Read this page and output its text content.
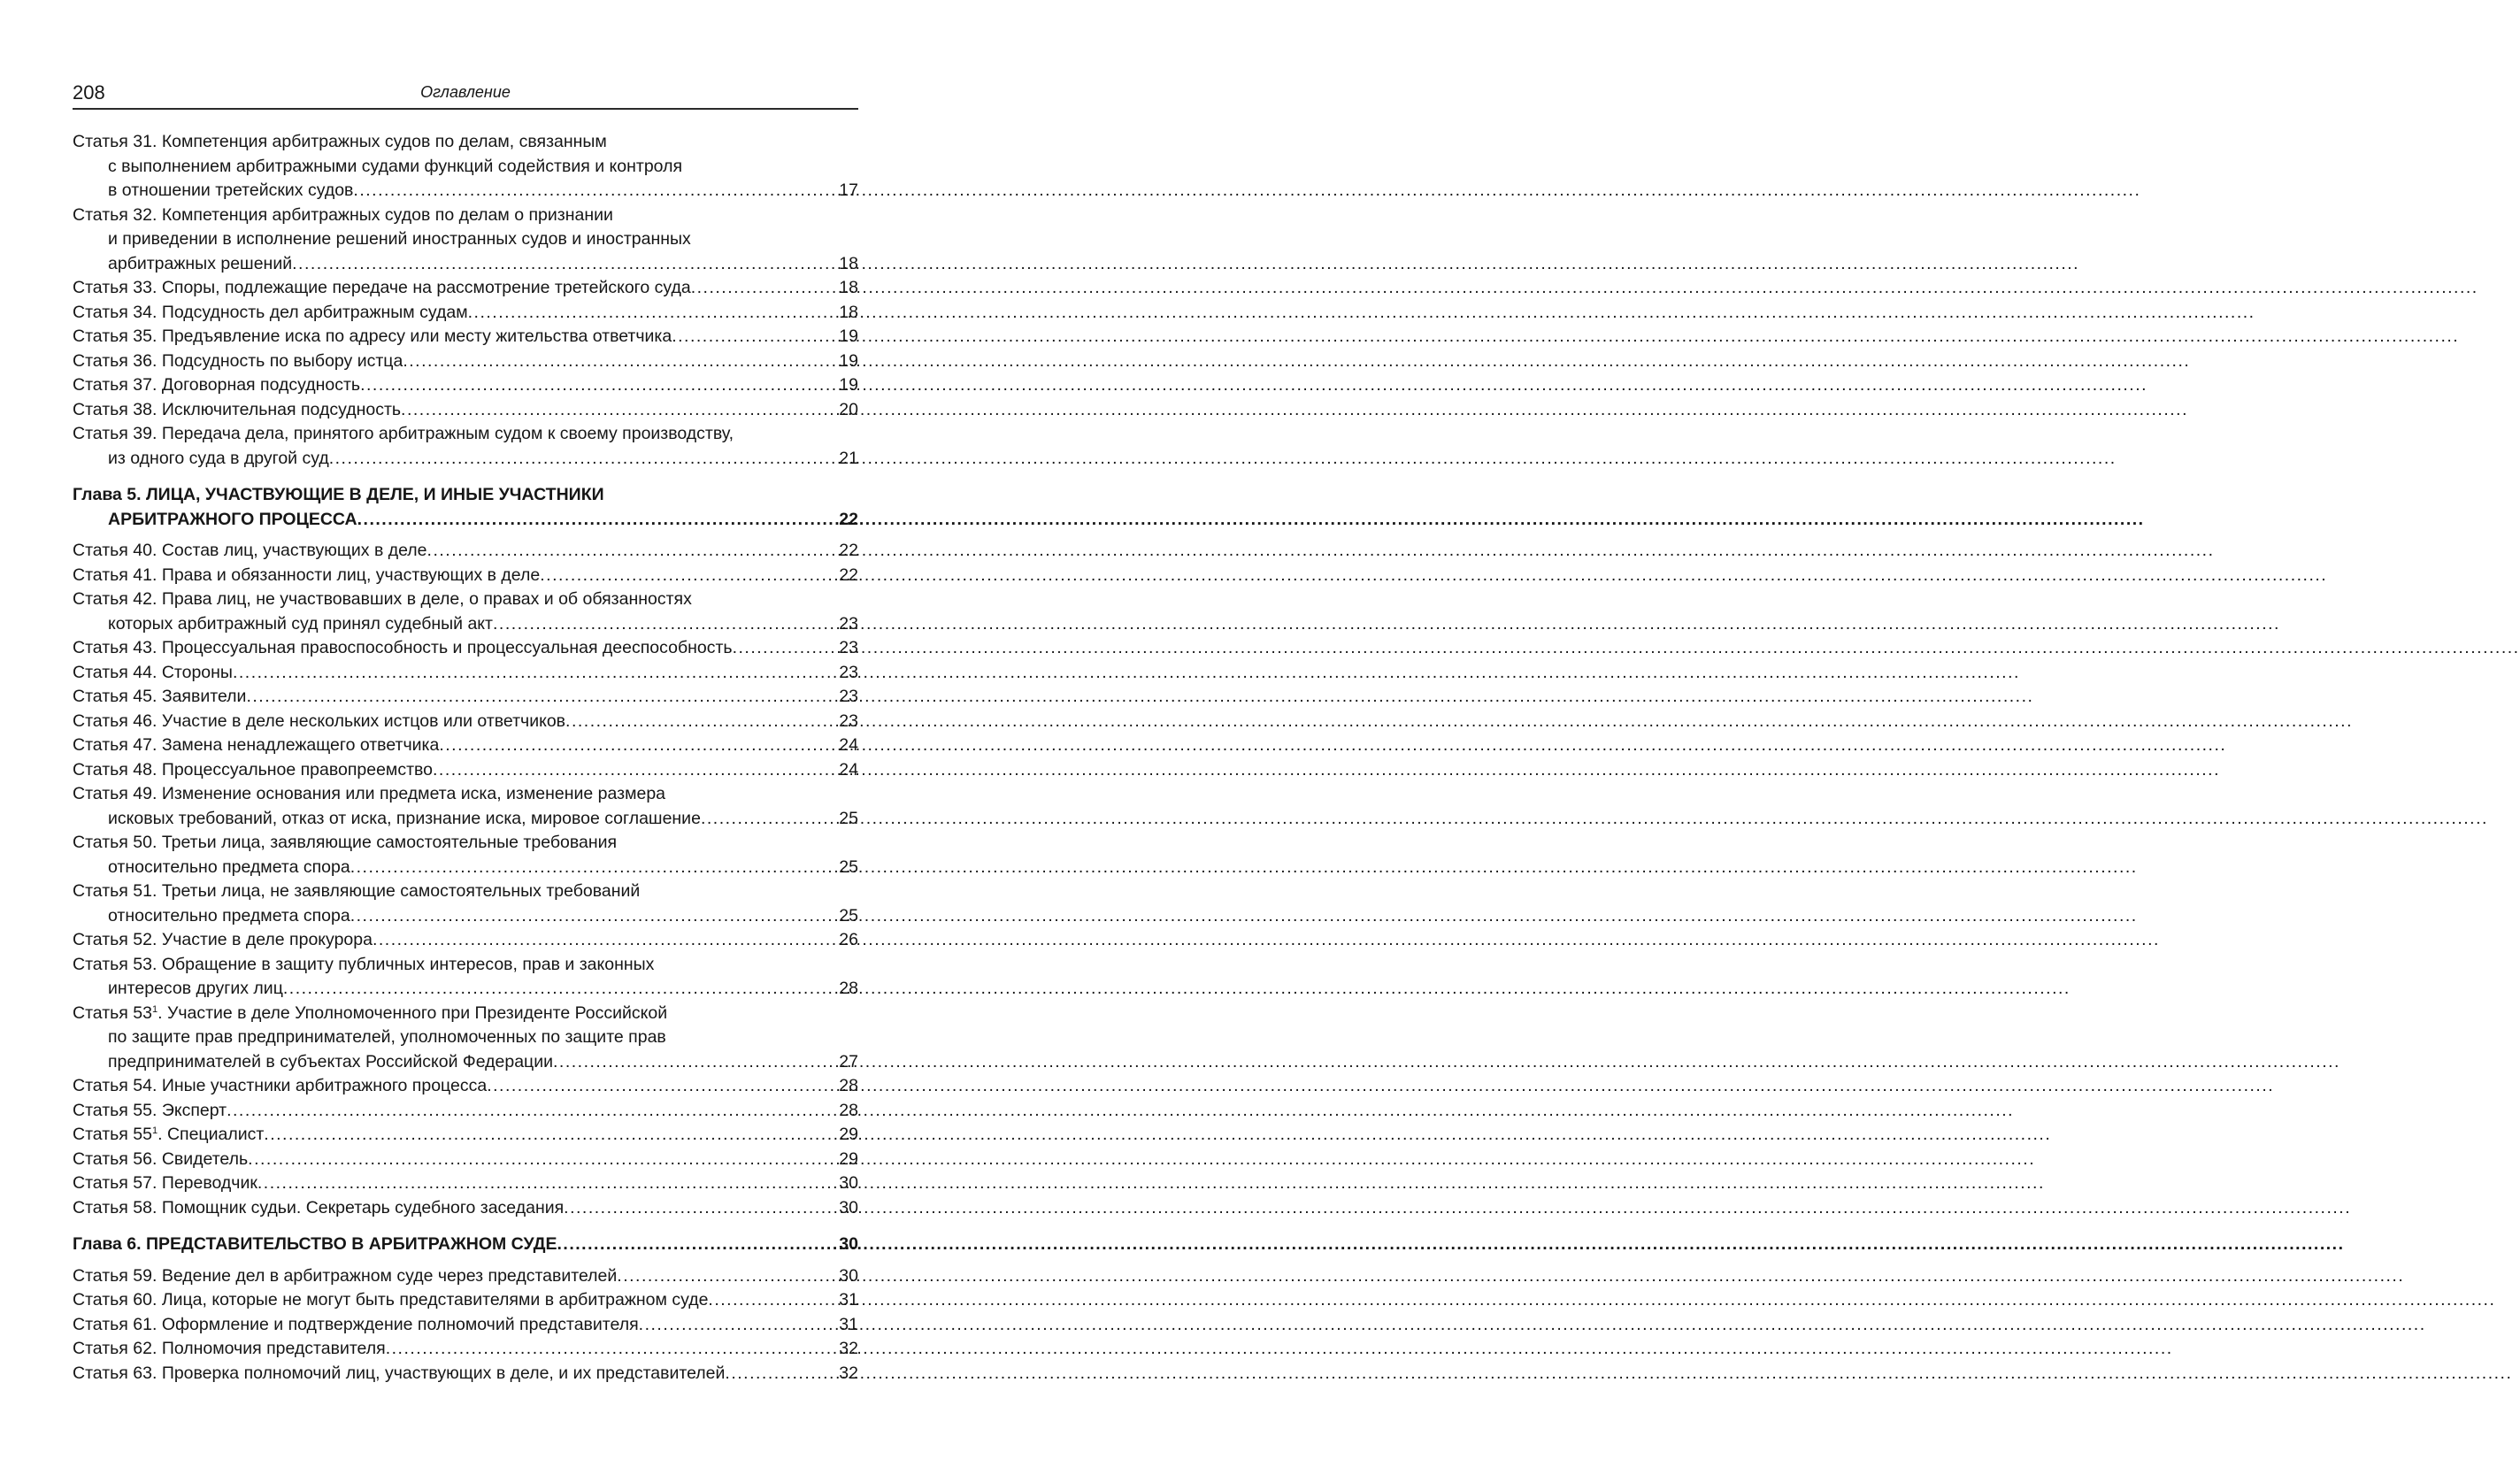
208	Оглавление
Статья 31. Компетенция арбитражных судов по делам, связанным
с выполнением арбитражными судами функций содействия и контроля
в отношении третейских судов .....	17
Статья 32. Компетенция арбитражных судов по делам о признании
и приведении в исполнение решений иностранных судов и иностранных
арбитражных решений .....	18
Статья 33. Споры, подлежащие передаче на рассмотрение третейского суда .....	18
Статья 34. Подсудность дел арбитражным судам .....	18
Статья 35. Предъявление иска по адресу или месту жительства ответчика .....	19
Статья 36. Подсудность по выбору истца .....	19
Статья 37. Договорная подсудность .....	19
Статья 38. Исключительная подсудность .....	20
Статья 39. Передача дела, принятого арбитражным судом к своему производству,
из одного суда в другой суд .....	21
Глава 5. ЛИЦА, УЧАСТВУЮЩИЕ В ДЕЛЕ, И ИНЫЕ УЧАСТНИКИ
АРБИТРАЖНОГО ПРОЦЕССА .....	22
Статья 40. Состав лиц, участвующих в деле .....	22
Статья 41. Права и обязанности лиц, участвующих в деле .....	22
Статья 42. Права лиц, не участвовавших в деле, о правах и об обязанностях
которых арбитражный суд принял судебный акт .....	23
Статья 43. Процессуальная правоспособность и процессуальная дееспособность .....	23
Статья 44. Стороны .....	23
Статья 45. Заявители .....	23
Статья 46. Участие в деле нескольких истцов или ответчиков .....	23
Статья 47. Замена ненадлежащего ответчика .....	24
Статья 48. Процессуальное правопреемство .....	24
Статья 49. Изменение основания или предмета иска, изменение размера
исковых требований, отказ от иска, признание иска, мировое соглашение .....	25
Статья 50. Третьи лица, заявляющие самостоятельные требования
относительно предмета спора .....	25
Статья 51. Третьи лица, не заявляющие самостоятельных требований
относительно предмета спора .....	25
Статья 52. Участие в деле прокурора .....	26
Статья 53. Обращение в защиту публичных интересов, прав и законных
интересов других лиц .....	28
Статья $53^1$. Участие в деле Уполномоченного при Президенте Российской
по защите прав предпринимателей, уполномоченных по защите прав
предпринимателей в субъектах Российской Федерации .....	27
Статья 54. Иные участники арбитражного процесса .....	28
Статья 55. Эксперт .....	28
Статья $55^1$. Специалист .....	29
Статья 56. Свидетель .....	29
Статья 57. Переводчик .....	30
Статья 58. Помощник судьи. Секретарь судебного заседания .....	30
Глава 6. ПРЕДСТАВИТЕЛЬСТВО В АРБИТРАЖНОМ СУДЕ .....	30
Статья 59. Ведение дел в арбитражном суде через представителей .....	30
Статья 60. Лица, которые не могут быть представителями в арбитражном суде .....	31
Статья 61. Оформление и подтверждение полномочий представителя .....	31
Статья 62. Полномочия представителя .....	32
Статья 63. Проверка полномочий лиц, участвующих в деле, и их представителей .....	32
